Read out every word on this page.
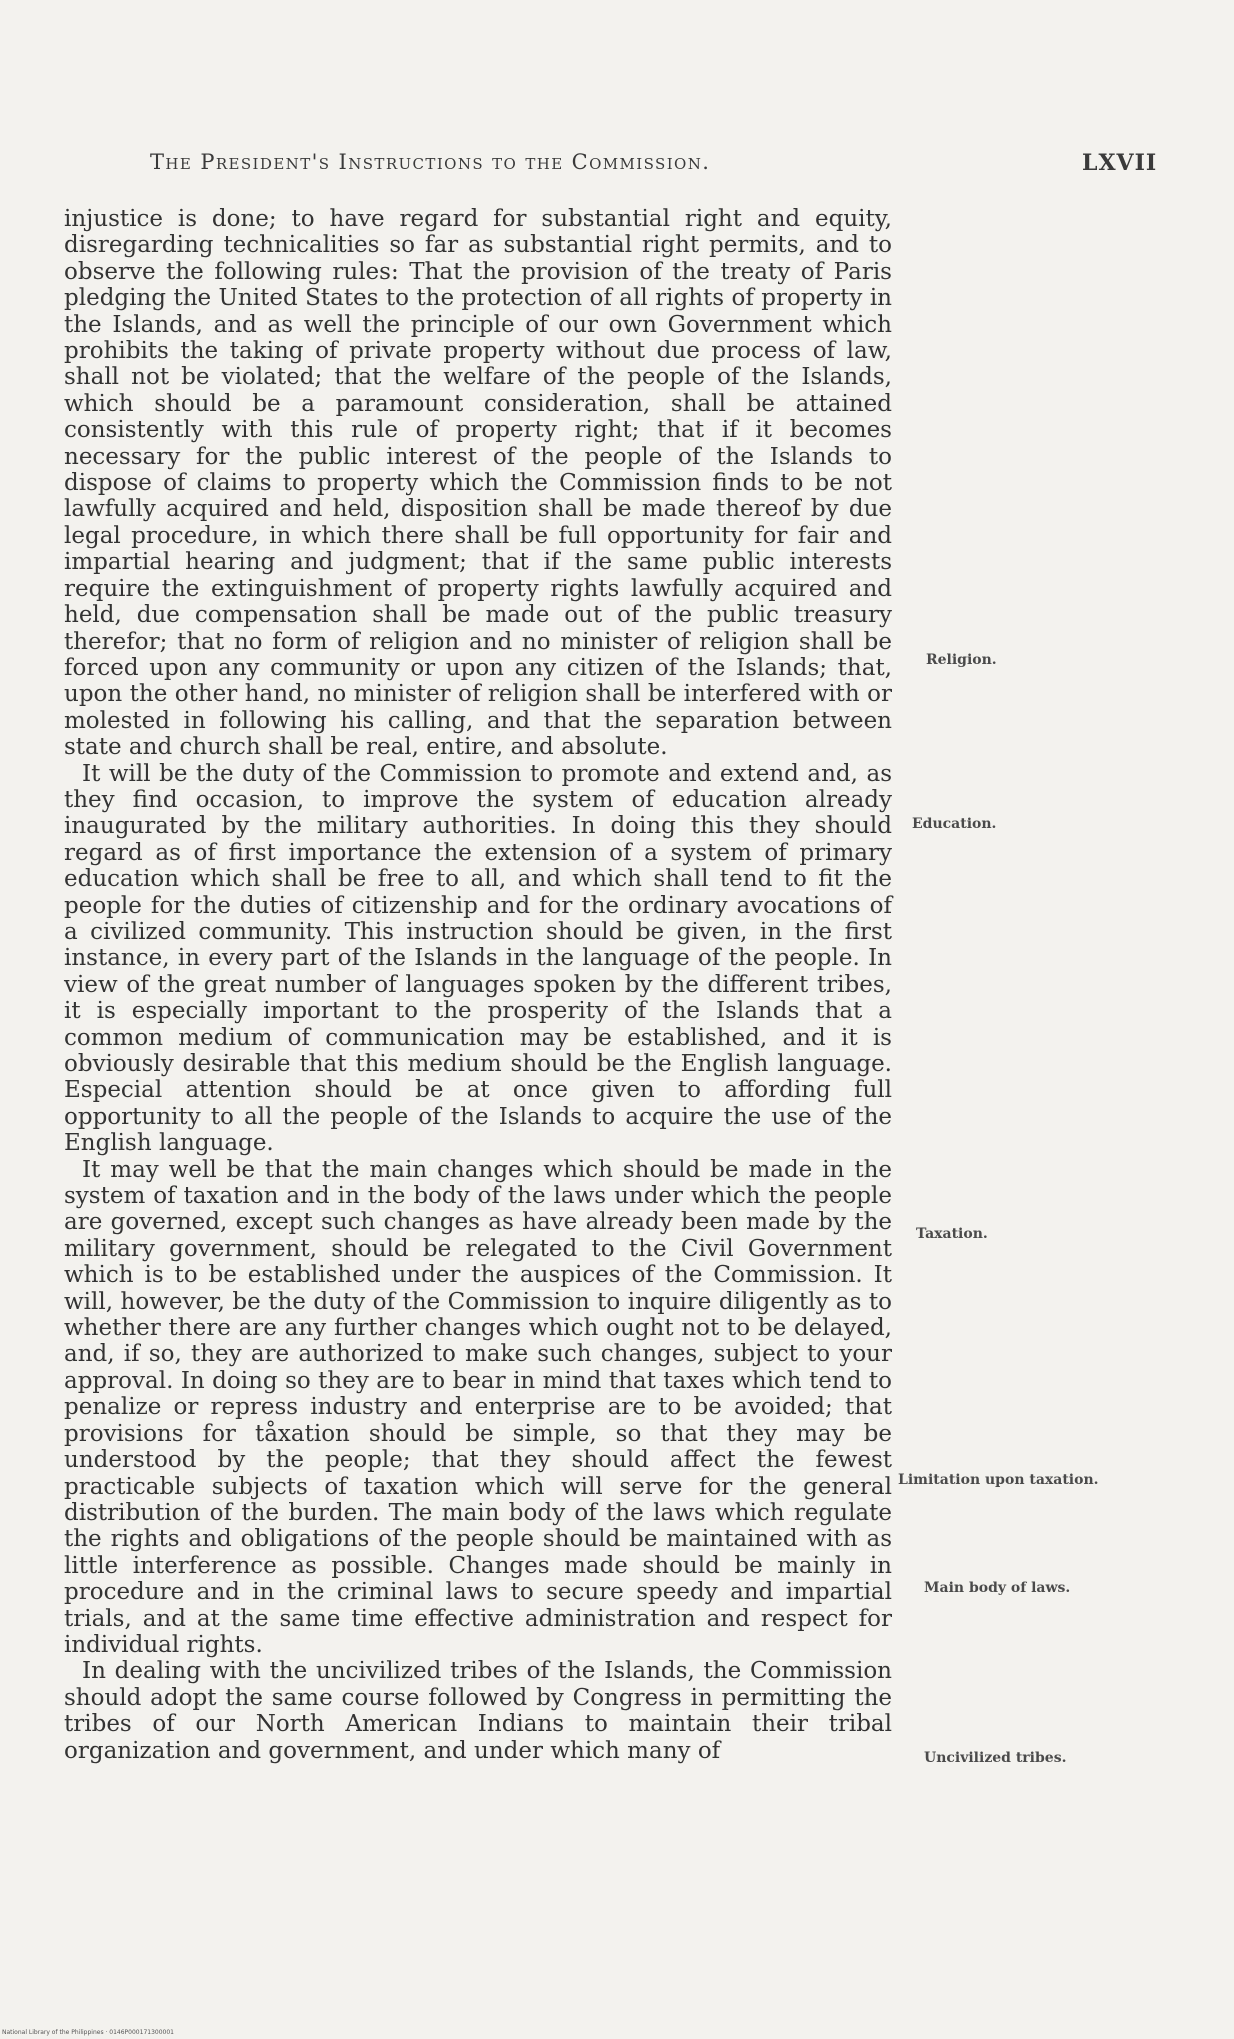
The President's Instructions to the Commission.	LXVII

injustice is done; to have regard for substantial right and equity, disregarding technicalities so far as substantial right permits, and to observe the following rules: That the provision of the treaty of Paris pledging the United States to the protection of all rights of property in the Islands, and as well the principle of our own Government which prohibits the taking of private property without due process of law, shall not be violated; that the welfare of the people of the Islands, which should be a paramount consideration, shall be attained consistently with this rule of property right; that if it becomes necessary for the public interest of the people of the Islands to dispose of claims to property which the Commission finds to be not lawfully acquired and held, disposition shall be made thereof by due legal procedure, in which there shall be full opportunity for fair and impartial hearing and judgment; that if the same public interests require the extinguishment of property rights lawfully acquired and held, due compensation shall be made out of the public treasury therefor; that no form of religion and no minister of religion shall be forced upon any community or upon any citizen of the Islands; that, upon the other hand, no minister of religion shall be interfered with or molested in following his calling, and that the separation between state and church shall be real, entire, and absolute.

It will be the duty of the Commission to promote and extend and, as they find occasion, to improve the system of education already inaugurated by the military authorities. In doing this they should regard as of first importance the extension of a system of primary education which shall be free to all, and which shall tend to fit the people for the duties of citizenship and for the ordinary avocations of a civilized community. This instruction should be given, in the first instance, in every part of the Islands in the language of the people. In view of the great number of languages spoken by the different tribes, it is especially important to the prosperity of the Islands that a common medium of communication may be established, and it is obviously desirable that this medium should be the English language. Especial attention should be at once given to affording full opportunity to all the people of the Islands to acquire the use of the English language.

It may well be that the main changes which should be made in the system of taxation and in the body of the laws under which the people are governed, except such changes as have already been made by the military government, should be relegated to the Civil Government which is to be established under the auspices of the Commission. It will, however, be the duty of the Commission to inquire diligently as to whether there are any further changes which ought not to be delayed, and, if so, they are authorized to make such changes, subject to your approval. In doing so they are to bear in mind that taxes which tend to penalize or repress industry and enterprise are to be avoided; that provisions for tåxation should be simple, so that they may be understood by the people; that they should affect the fewest practicable subjects of taxation which will serve for the general distribution of the burden. The main body of the laws which regulate the rights and obligations of the people should be maintained with as little interference as possible. Changes made should be mainly in procedure and in the criminal laws to secure speedy and impartial trials, and at the same time effective administration and respect for individual rights.

In dealing with the uncivilized tribes of the Islands, the Commission should adopt the same course followed by Congress in permitting the tribes of our North American Indians to maintain their tribal organization and government, and under which many of

Religion.
Education.
Taxation.
Limitation upon taxation.
Main body of laws.
Uncivilized tribes.
National Library of the Philippines · 0146P000171300001
